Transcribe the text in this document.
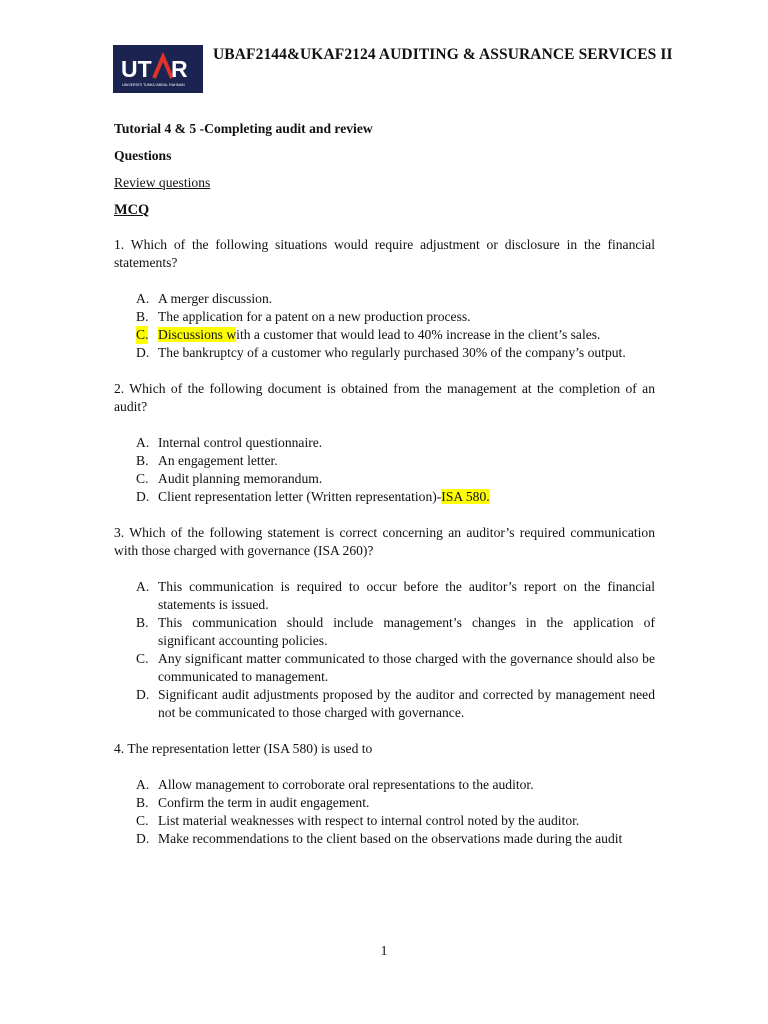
UT R
UNIVERSITI TUNKU ABDUL RAHMAN
UBAF2144&UKAF2124 AUDITING & ASSURANCE SERVICES II
Tutorial 4 & 5 -Completing audit and review
Questions
Review questions
MCQ
1. Which of the following situations would require adjustment or disclosure in the financial statements?
A. A merger discussion.
B. The application for a patent on a new production process.
C. Discussions with a customer that would lead to 40% increase in the client’s sales.
D. The bankruptcy of a customer who regularly purchased 30% of the company’s output.
2. Which of the following document is obtained from the management at the completion of an audit?
A. Internal control questionnaire.
B. An engagement letter.
C. Audit planning memorandum.
D. Client representation letter (Written representation)-ISA 580.
3. Which of the following statement is correct concerning an auditor’s required communication with those charged with governance (ISA 260)?
A. This communication is required to occur before the auditor’s report on the financial statements is issued.
B. This communication should include management’s changes in the application of significant accounting policies.
C. Any significant matter communicated to those charged with the governance should also be communicated to management.
D. Significant audit adjustments proposed by the auditor and corrected by management need not be communicated to those charged with governance.
4. The representation letter (ISA 580) is used to
A. Allow management to corroborate oral representations to the auditor.
B. Confirm the term in audit engagement.
C. List material weaknesses with respect to internal control noted by the auditor.
D. Make recommendations to the client based on the observations made during the audit
1
